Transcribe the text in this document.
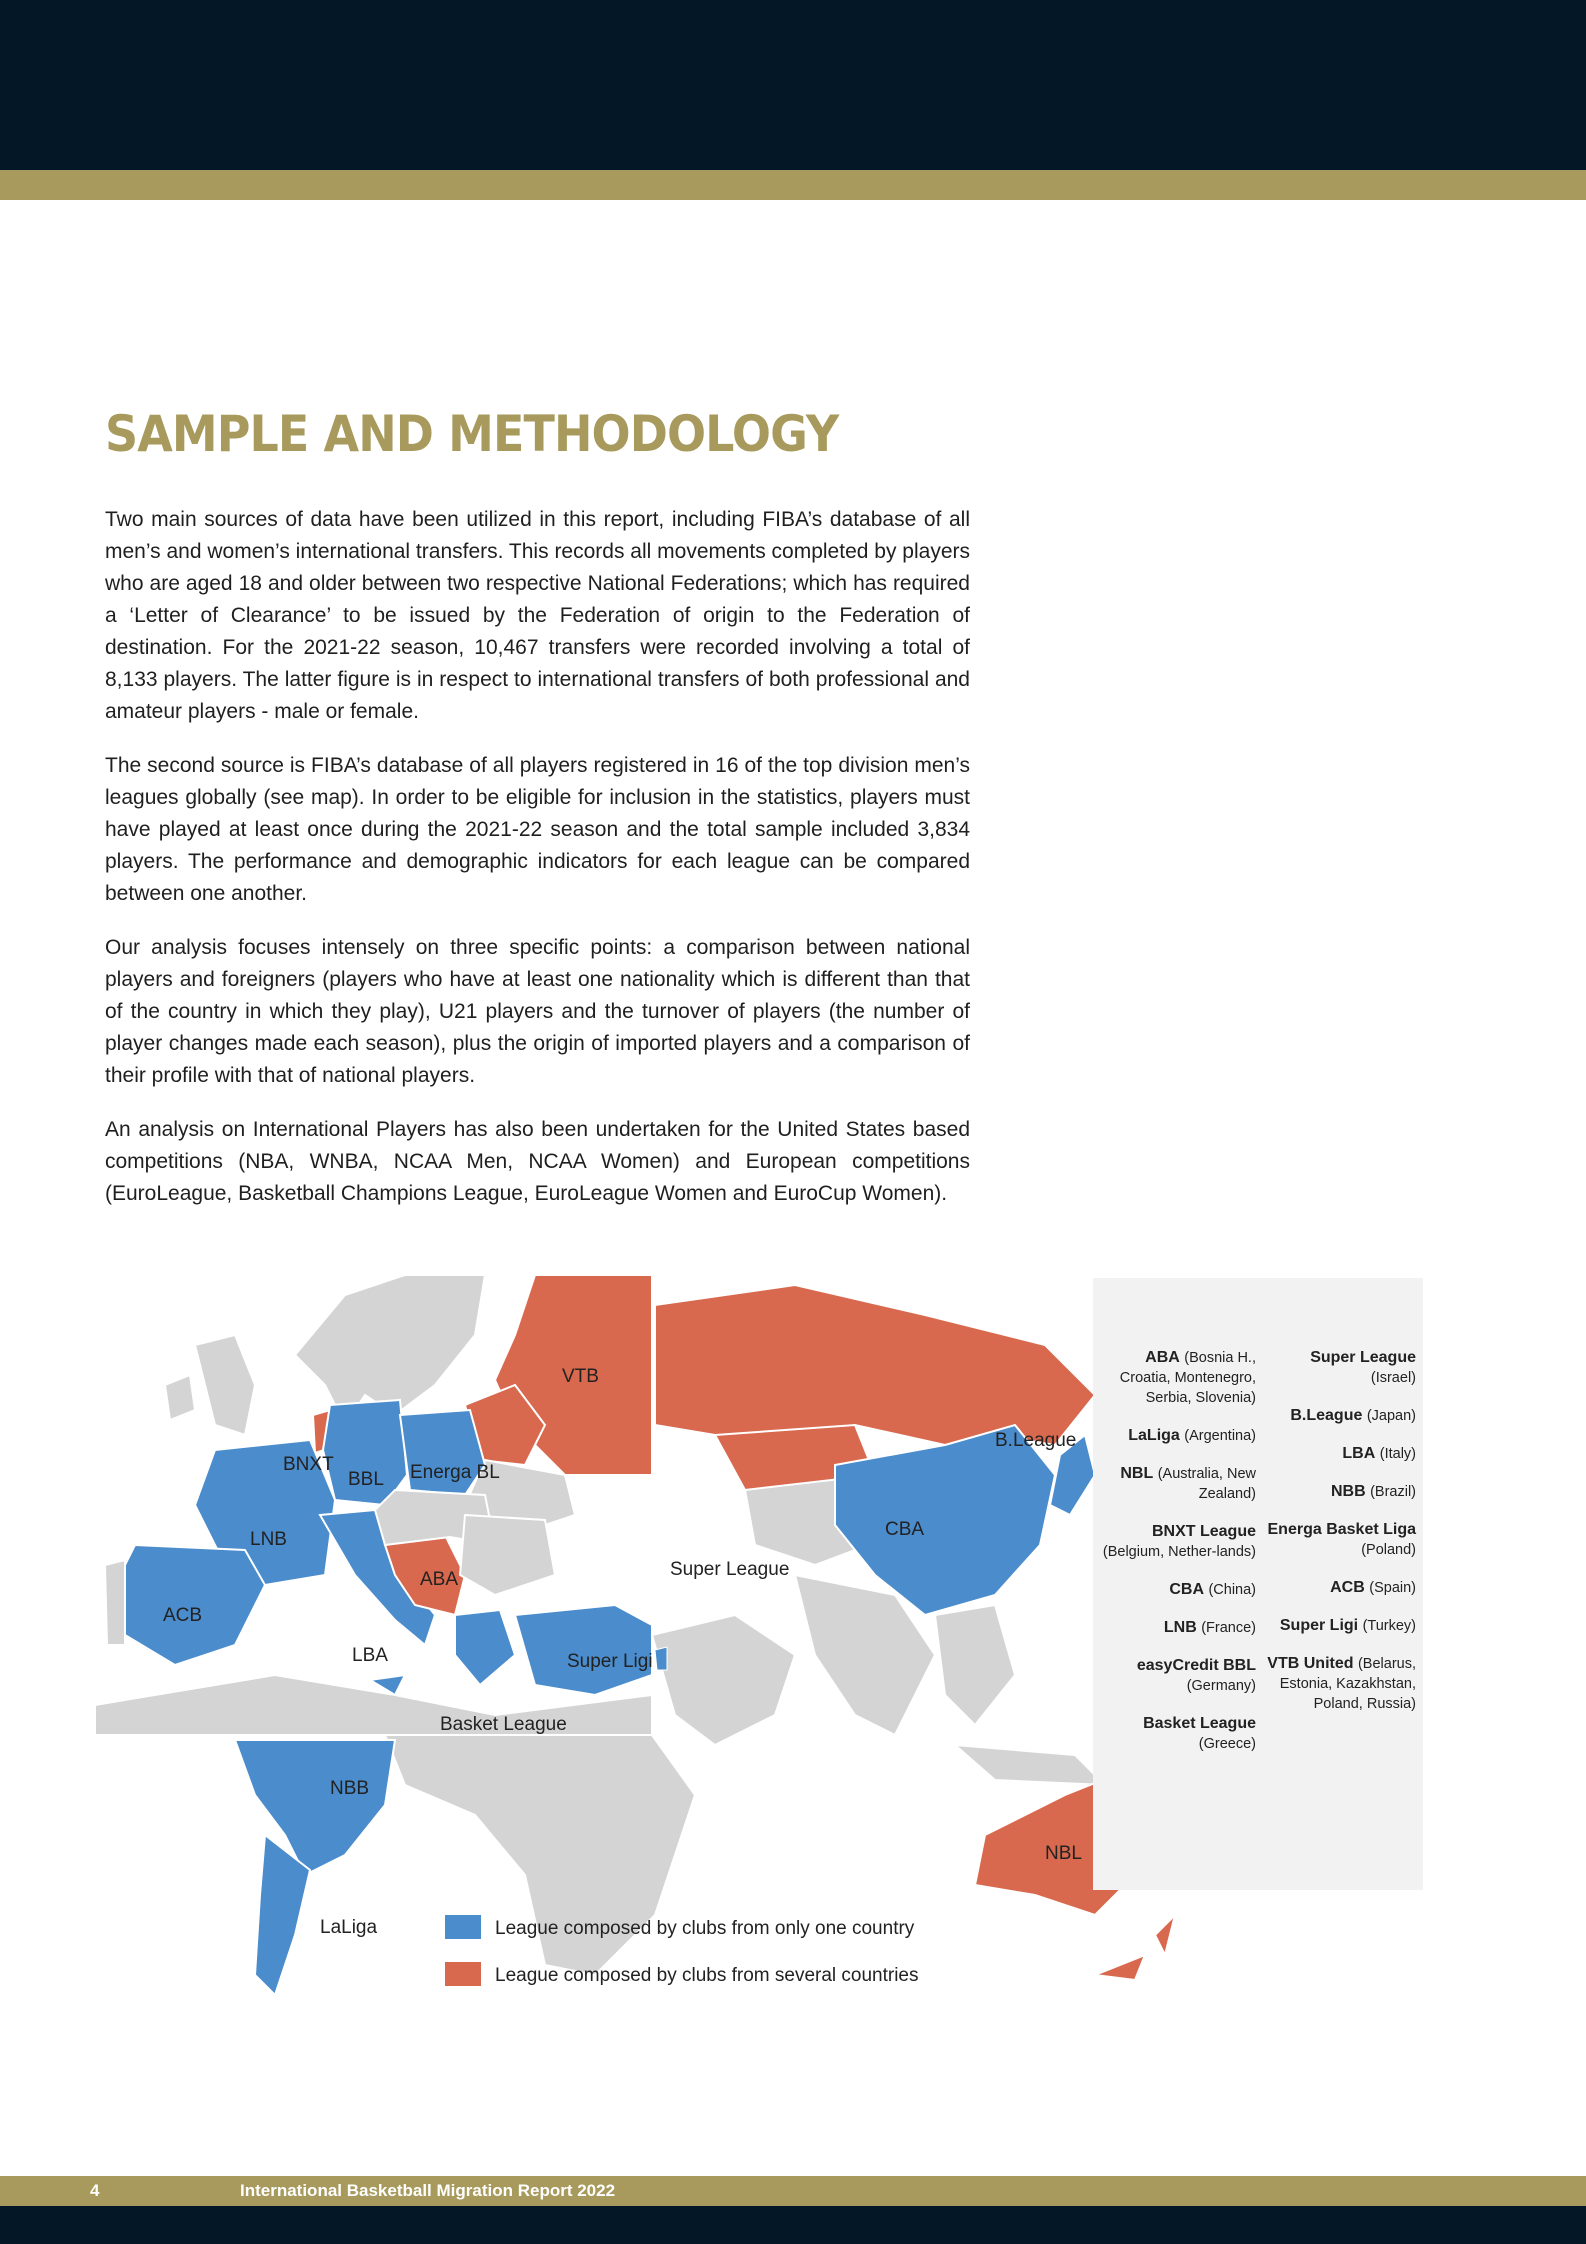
SAMPLE AND METHODOLOGY

Two main sources of data have been utilized in this report, including FIBA’s database of all men’s and women’s international transfers. This records all movements completed by players who are aged 18 and older between two respective National Federations; which has required a ‘Letter of Clearance’ to be issued by the Federation of origin to the Federation of destination. For the 2021-22 season, 10,467 transfers were recorded involving a total of 8,133 players. The latter figure is in respect to international transfers of both professional and amateur players - male or female.

The second source is FIBA’s database of all players registered in 16 of the top division men’s leagues globally (see map). In order to be eligible for inclusion in the statistics, players must have played at least once during the 2021-22 season and the total sample included 3,834 players. The performance and demographic indicators for each league can be compared between one another.

Our analysis focuses intensely on three specific points: a comparison between national players and foreigners (players who have at least one nationality which is different than that of the country in which they play), U21 players and the turnover of players (the number of player changes made each season), plus the origin of imported players and a comparison of their profile with that of national players.

An analysis on International Players has also been undertaken for the United States based competitions (NBA, WNBA, NCAA Men, NCAA Women) and European competitions (EuroLeague, Basketball Champions League, EuroLeague Women and EuroCup Women).

VTB
BNXT
BBL Energa BL
LNB
ABA
ACB
LBA	Super Ligi
Basket League
Super League
CBA
B.League
NBB
LaLiga
NBL
League composed by clubs from only one country
League composed by clubs from several countries
ABA (Bosnia H., Croatia, Montenegro, Serbia, Slovenia)
LaLiga (Argentina)
NBL (Australia, New Zealand)
BNXT League (Belgium, Nether-lands)
CBA (China)
LNB (France)
easyCredit BBL (Germany)
Basket League (Greece)
Super League (Israel)
B.League (Japan)
LBA (Italy)
NBB (Brazil)
Energa Basket Liga (Poland)
ACB (Spain)
Super Ligi (Turkey)
VTB United (Belarus, Estonia, Kazakhstan, Poland, Russia)
4	International Basketball Migration Report 2022
